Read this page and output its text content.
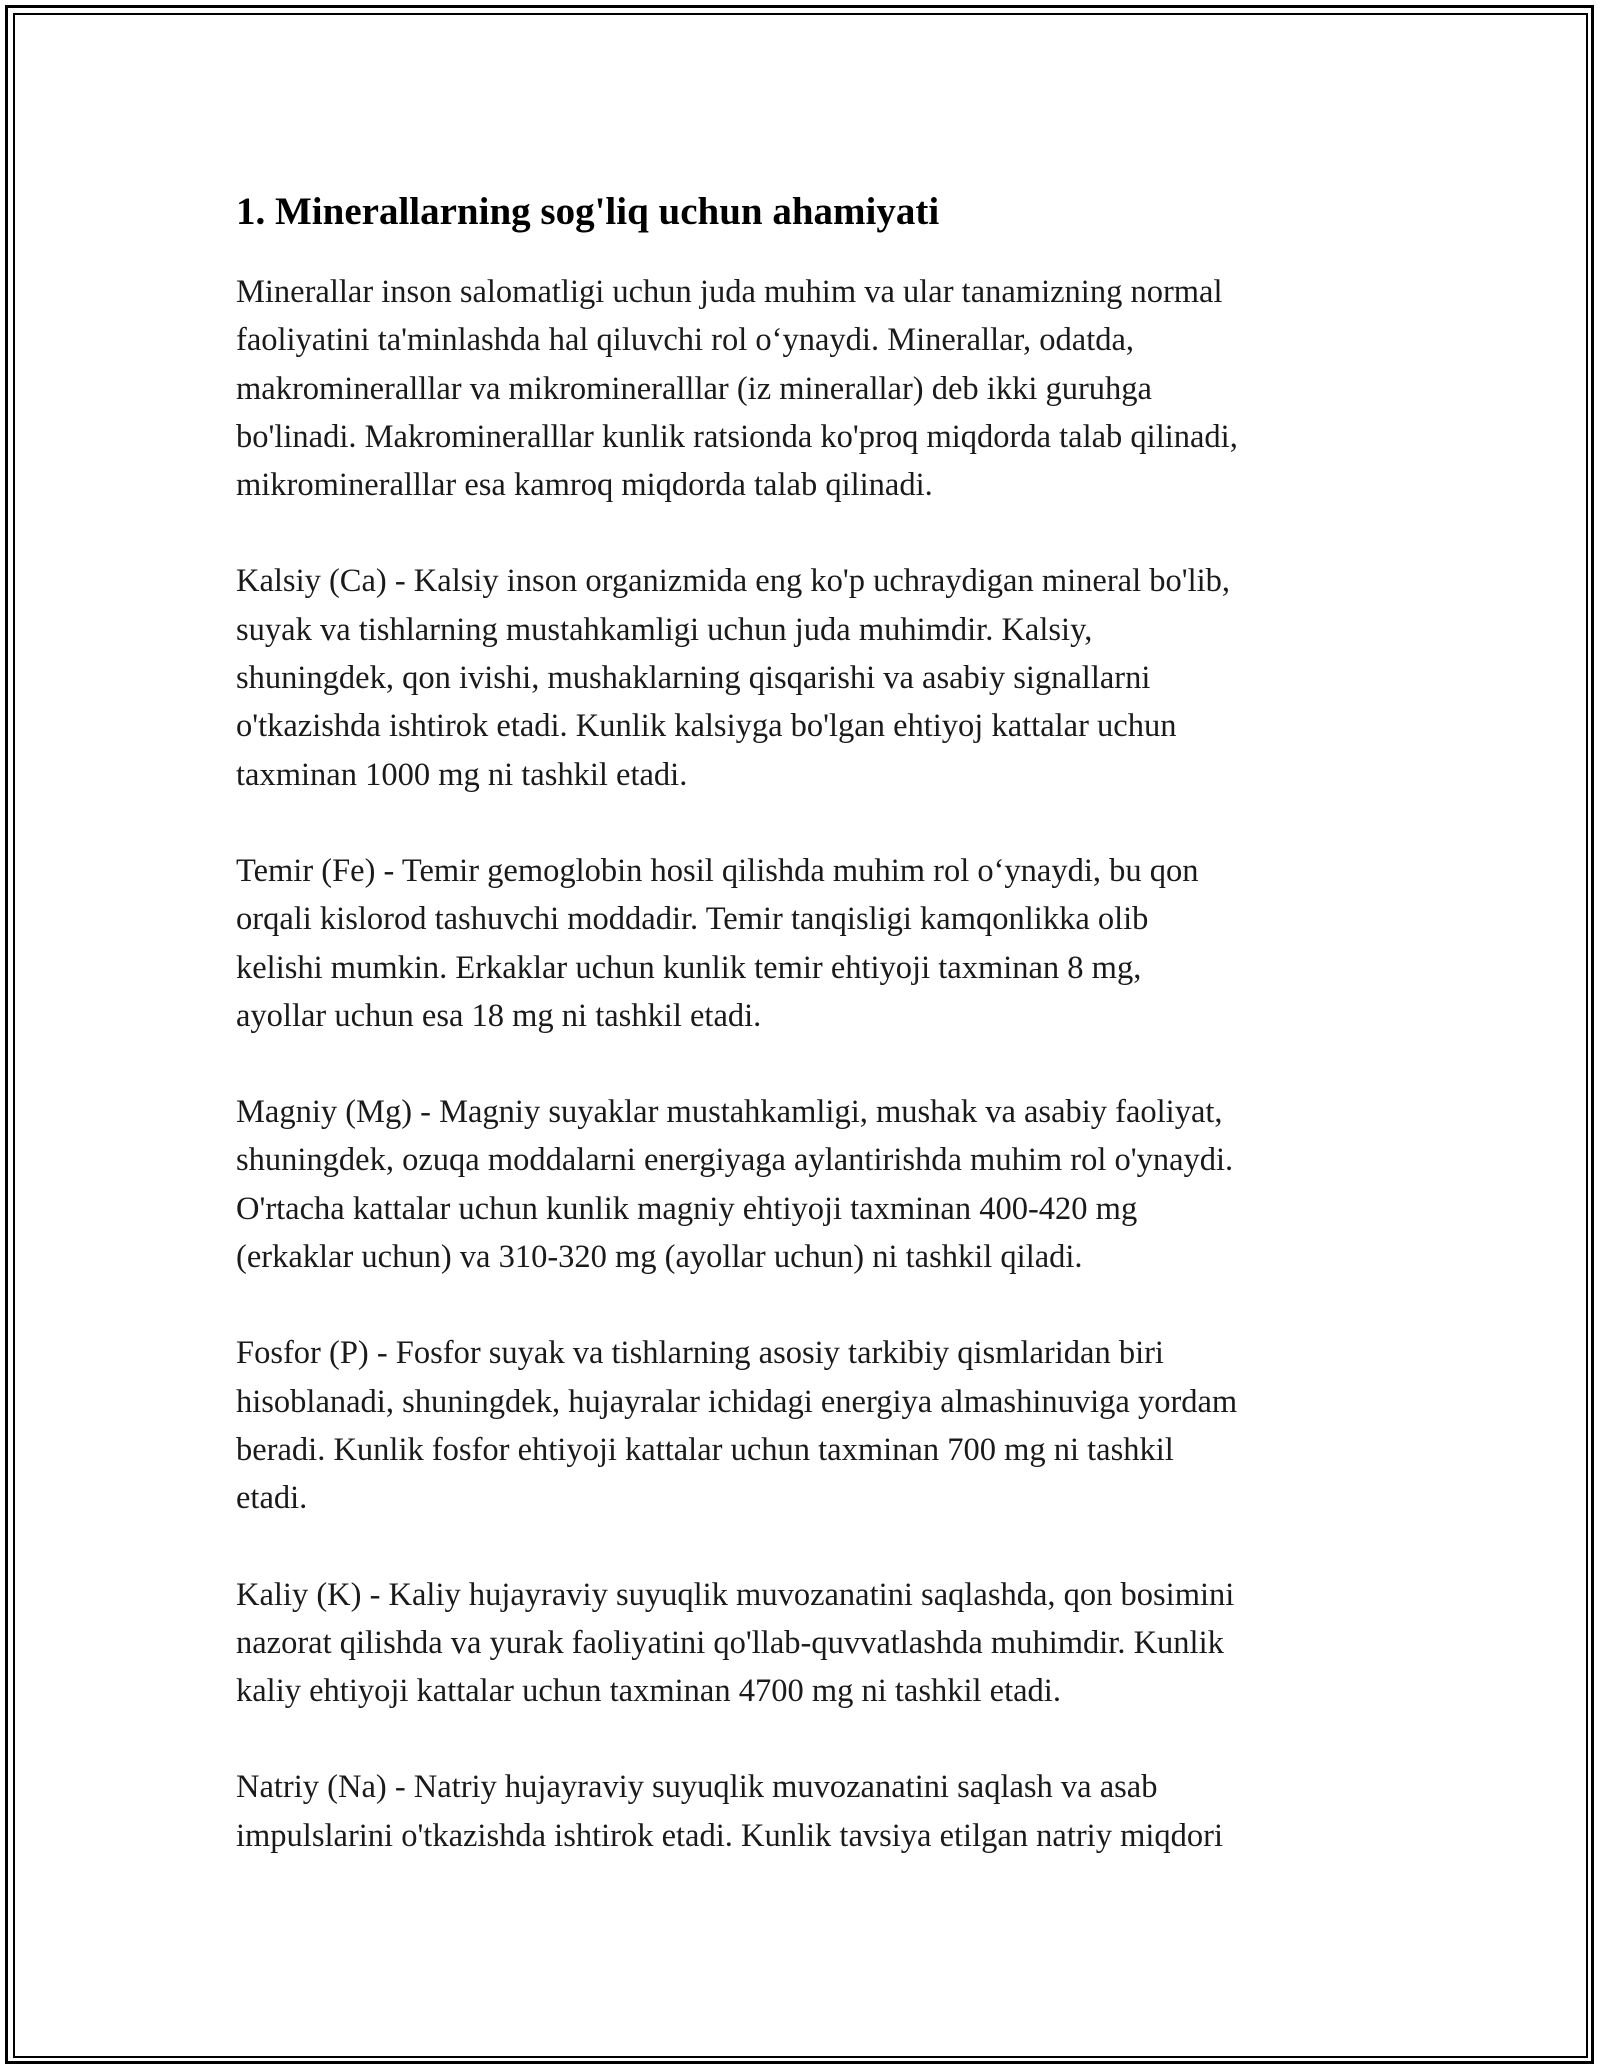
1. Minerallarning sog'liq uchun ahamiyati

Minerallar inson salomatligi uchun juda muhim va ular tanamizning normal
faoliyatini ta'minlashda hal qiluvchi rol o‘ynaydi. Minerallar, odatda,
makromineralllar va mikromineralllar (iz minerallar) deb ikki guruhga
bo'linadi. Makromineralllar kunlik ratsionda ko'proq miqdorda talab qilinadi,
mikromineralllar esa kamroq miqdorda talab qilinadi.

Kalsiy (Ca) - Kalsiy inson organizmida eng ko'p uchraydigan mineral bo'lib,
suyak va tishlarning mustahkamligi uchun juda muhimdir. Kalsiy,
shuningdek, qon ivishi, mushaklarning qisqarishi va asabiy signallarni
o'tkazishda ishtirok etadi. Kunlik kalsiyga bo'lgan ehtiyoj kattalar uchun
taxminan 1000 mg ni tashkil etadi.

Temir (Fe) - Temir gemoglobin hosil qilishda muhim rol o‘ynaydi, bu qon
orqali kislorod tashuvchi moddadir. Temir tanqisligi kamqonlikka olib
kelishi mumkin. Erkaklar uchun kunlik temir ehtiyoji taxminan 8 mg,
ayollar uchun esa 18 mg ni tashkil etadi.

Magniy (Mg) - Magniy suyaklar mustahkamligi, mushak va asabiy faoliyat,
shuningdek, ozuqa moddalarni energiyaga aylantirishda muhim rol o'ynaydi.
O'rtacha kattalar uchun kunlik magniy ehtiyoji taxminan 400-420 mg
(erkaklar uchun) va 310-320 mg (ayollar uchun) ni tashkil qiladi.

Fosfor (P) - Fosfor suyak va tishlarning asosiy tarkibiy qismlaridan biri
hisoblanadi, shuningdek, hujayralar ichidagi energiya almashinuviga yordam
beradi. Kunlik fosfor ehtiyoji kattalar uchun taxminan 700 mg ni tashkil
etadi.

Kaliy (K) - Kaliy hujayraviy suyuqlik muvozanatini saqlashda, qon bosimini
nazorat qilishda va yurak faoliyatini qo'llab-quvvatlashda muhimdir. Kunlik
kaliy ehtiyoji kattalar uchun taxminan 4700 mg ni tashkil etadi.

Natriy (Na) - Natriy hujayraviy suyuqlik muvozanatini saqlash va asab
impulslarini o'tkazishda ishtirok etadi. Kunlik tavsiya etilgan natriy miqdori
